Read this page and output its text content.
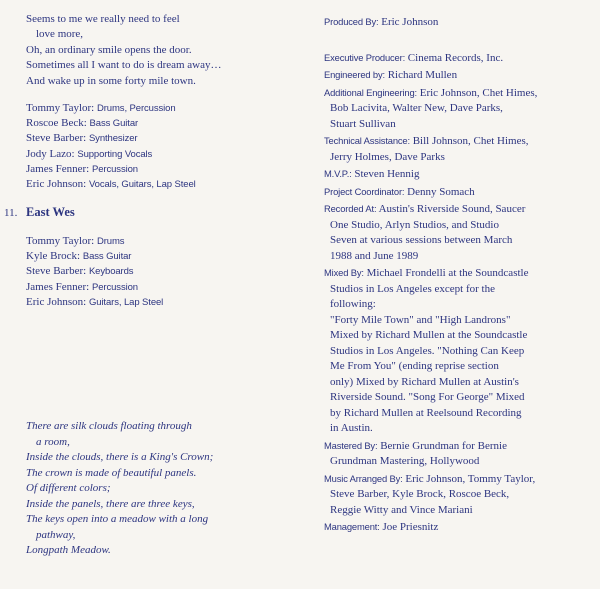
Seems to me we really need to feel
love more,
Oh, an ordinary smile opens the door.
Sometimes all I want to do is dream away…
And wake up in some forty mile town.
Tommy Taylor: Drums, Percussion
Roscoe Beck: Bass Guitar
Steve Barber: Synthesizer
Jody Lazo: Supporting Vocals
James Fenner: Percussion
Eric Johnson: Vocals, Guitars, Lap Steel
11. East Wes
Tommy Taylor: Drums
Kyle Brock: Bass Guitar
Steve Barber: Keyboards
James Fenner: Percussion
Eric Johnson: Guitars, Lap Steel
There are silk clouds floating through
a room,
Inside the clouds, there is a King's Crown;
The crown is made of beautiful panels.
Of different colors;
Inside the panels, there are three keys,
The keys open into a meadow with a long
pathway,
Longpath Meadow.
Produced By: Eric Johnson
Executive Producer: Cinema Records, Inc.
Engineered by: Richard Mullen
Additional Engineering: Eric Johnson, Chet Himes,
Bob Lacivita, Walter New, Dave Parks,
Stuart Sullivan
Technical Assistance: Bill Johnson, Chet Himes,
Jerry Holmes, Dave Parks
M.V.P.: Steven Hennig
Project Coordinator: Denny Somach
Recorded At: Austin's Riverside Sound, Saucer
One Studio, Arlyn Studios, and Studio
Seven at various sessions between March
1988 and June 1989
Mixed By: Michael Frondelli at the Soundcastle
Studios in Los Angeles except for the
following:
"Forty Mile Town" and "High Landrons"
Mixed by Richard Mullen at the Soundcastle
Studios in Los Angeles. "Nothing Can Keep
Me From You" (ending reprise section
only) Mixed by Richard Mullen at Austin's
Riverside Sound. "Song For George" Mixed
by Richard Mullen at Reelsound Recording
in Austin.
Mastered By: Bernie Grundman for Bernie
Grundman Mastering, Hollywood
Music Arranged By: Eric Johnson, Tommy Taylor,
Steve Barber, Kyle Brock, Roscoe Beck,
Reggie Witty and Vince Mariani
Management: Joe Priesnitz
